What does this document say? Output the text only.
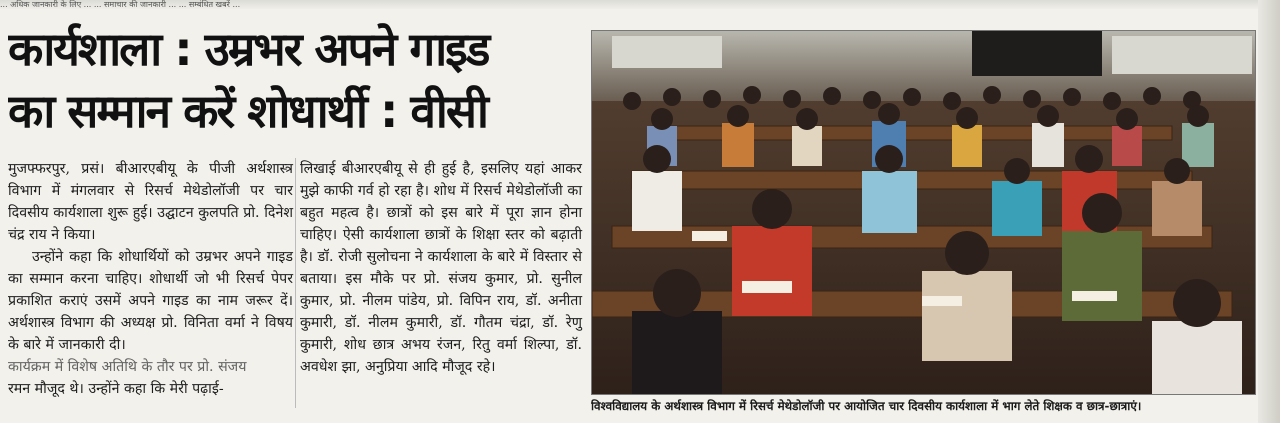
... अधिक जानकारी के लिए ... ... समाचार की जानकारी ... ... सम्बंधित खबरें ...
कार्यशाला : उम्रभर अपने गाइड
का सम्मान करें शोधार्थी : वीसी

मुजफ्फरपुर, प्रसं। बीआरएबीयू के पीजी अर्थशास्त्र विभाग में मंगलवार से रिसर्च मेथेडोलॉजी पर चार दिवसीय कार्यशाला शुरू हुई। उद्घाटन कुलपति प्रो. दिनेश चंद्र राय ने किया।

उन्होंने कहा कि शोधार्थियों को उम्रभर अपने गाइड का सम्मान करना चाहिए। शोधार्थी जो भी रिसर्च पेपर प्रकाशित कराएं उसमें अपने गाइड का नाम जरूर दें। अर्थशास्त्र विभाग की अध्यक्ष प्रो. विनिता वर्मा ने विषय के बारे में जानकारी दी।

कार्यक्रम में विशेष अतिथि के तौर पर प्रो. संजय

रमन मौजूद थे। उन्होंने कहा कि मेरी पढ़ाई-

लिखाई बीआरएबीयू से ही हुई है, इसलिए यहां आकर मुझे काफी गर्व हो रहा है। शोध में रिसर्च मेथेडोलॉजी का बहुत महत्व है। छात्रों को इस बारे में पूरा ज्ञान होना चाहिए। ऐसी कार्यशाला छात्रों के शिक्षा स्तर को बढ़ाती है। डॉ. रोजी सुलोचना ने कार्यशाला के बारे में विस्तार से बताया। इस मौके पर प्रो. संजय कुमार, प्रो. सुनील कुमार, प्रो. नीलम पांडेय, प्रो. विपिन राय, डॉ. अनीता कुमारी, डॉ. नीलम कुमारी, डॉ. गौतम चंद्रा, डॉ. रेणु कुमारी, शोध छात्र अभय रंजन, रितु वर्मा शिल्पा, डॉ. अवधेश झा, अनुप्रिया आदि मौजूद रहे।

विश्वविद्यालय के अर्थशास्त्र विभाग में रिसर्च मेथेडोलॉजी पर आयोजित चार दिवसीय कार्यशाला में भाग लेते शिक्षक व छात्र-छात्राएं।
